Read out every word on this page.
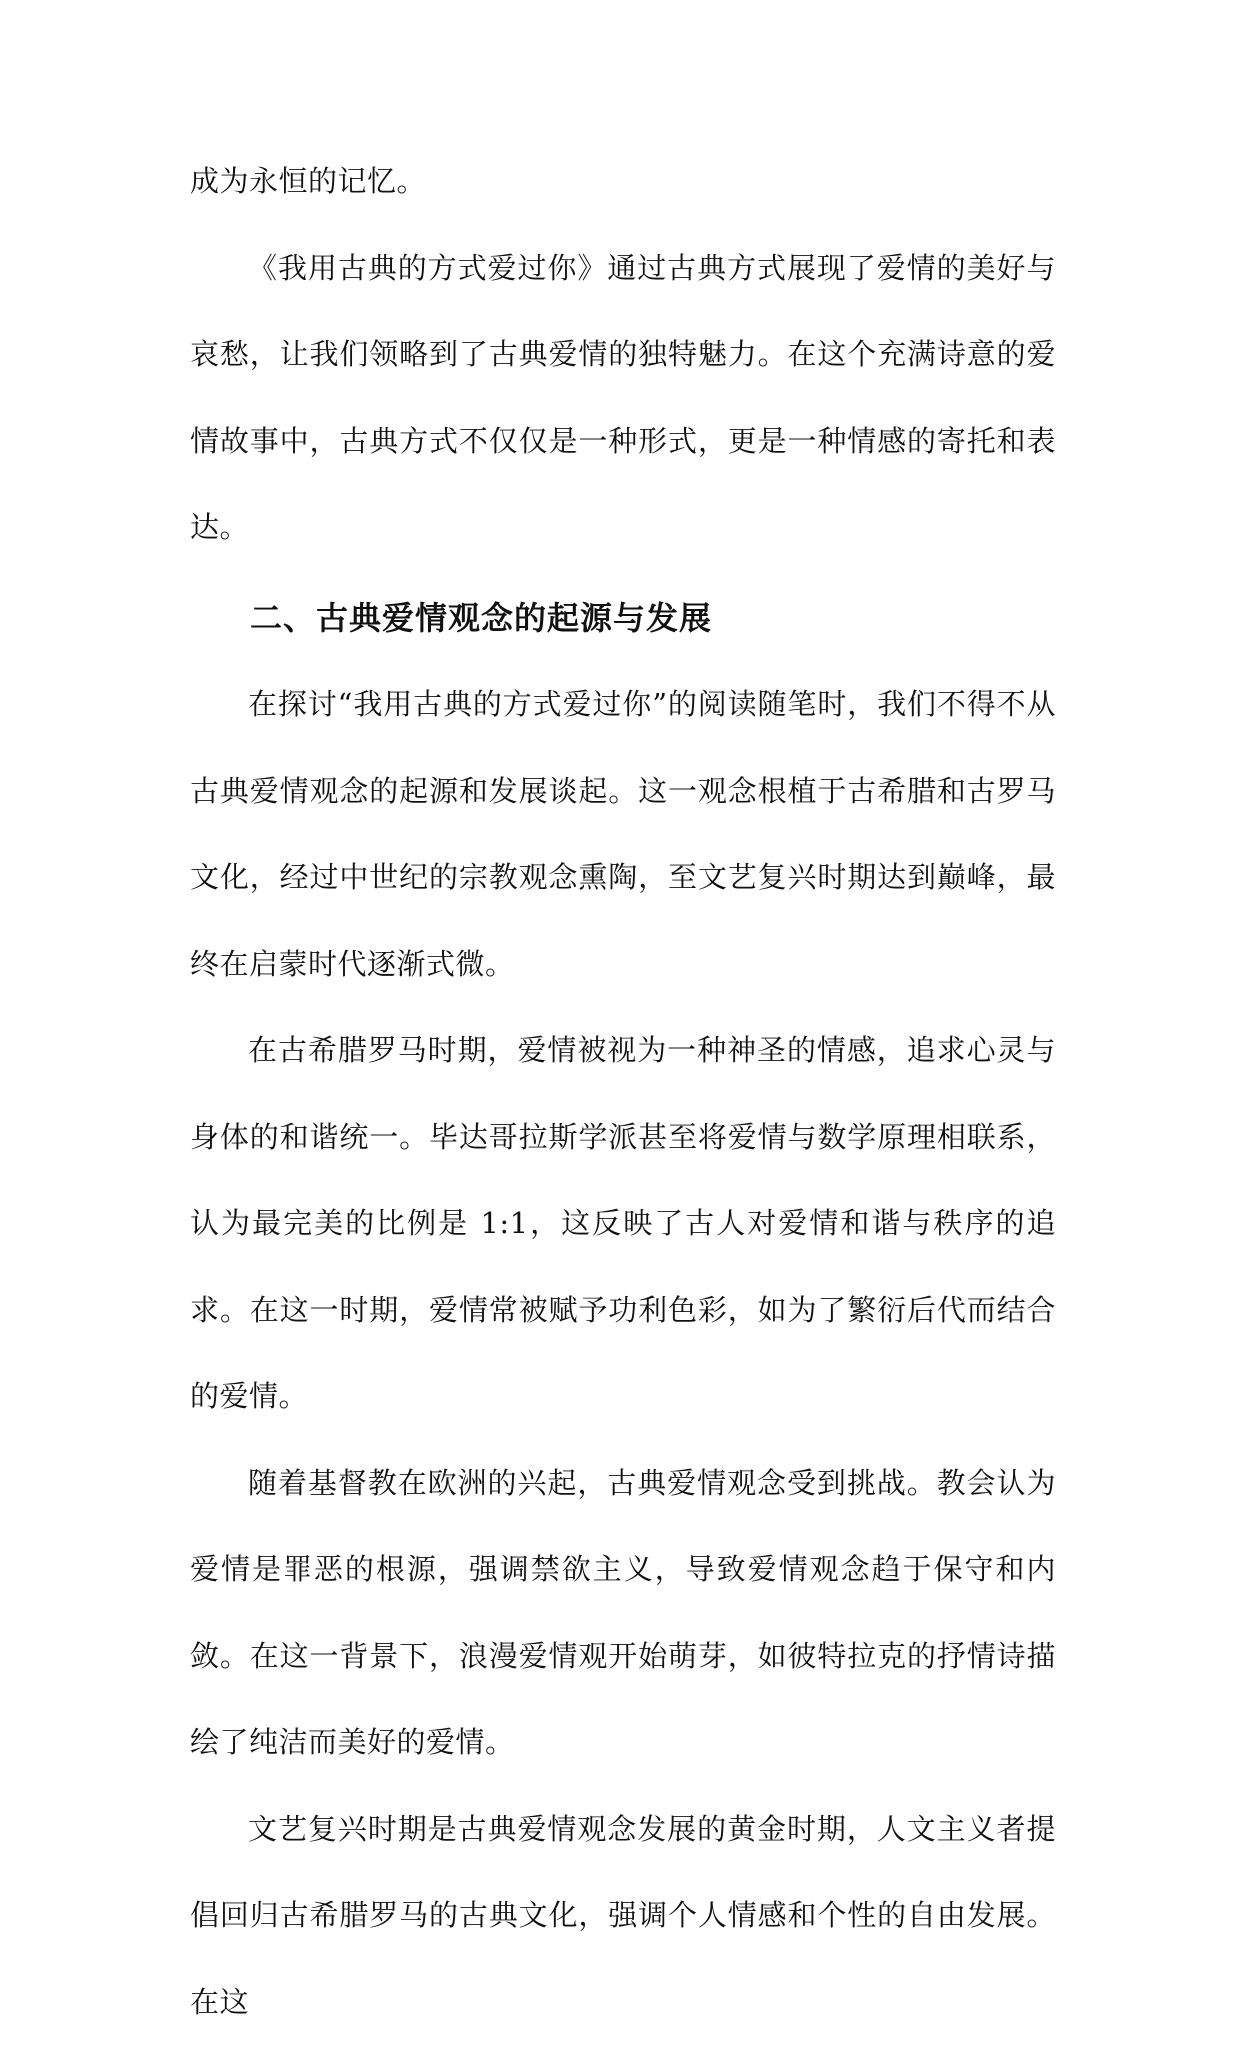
成为永恒的记忆。

《我用古典的方式爱过你》通过古典方式展现了爱情的美好与哀愁，让我们领略到了古典爱情的独特魅力。在这个充满诗意的爱情故事中，古典方式不仅仅是一种形式，更是一种情感的寄托和表达。

二、古典爱情观念的起源与发展

在探讨“我用古典的方式爱过你”的阅读随笔时，我们不得不从古典爱情观念的起源和发展谈起。这一观念根植于古希腊和古罗马文化，经过中世纪的宗教观念熏陶，至文艺复兴时期达到巅峰，最终在启蒙时代逐渐式微。

在古希腊罗马时期，爱情被视为一种神圣的情感，追求心灵与身体的和谐统一。毕达哥拉斯学派甚至将爱情与数学原理相联系，认为最完美的比例是 1:1，这反映了古人对爱情和谐与秩序的追求。在这一时期，爱情常被赋予功利色彩，如为了繁衍后代而结合的爱情。

随着基督教在欧洲的兴起，古典爱情观念受到挑战。教会认为爱情是罪恶的根源，强调禁欲主义，导致爱情观念趋于保守和内敛。在这一背景下，浪漫爱情观开始萌芽，如彼特拉克的抒情诗描绘了纯洁而美好的爱情。

文艺复兴时期是古典爱情观念发展的黄金时期，人文主义者提倡回归古希腊罗马的古典文化，强调个人情感和个性的自由发展。在这
